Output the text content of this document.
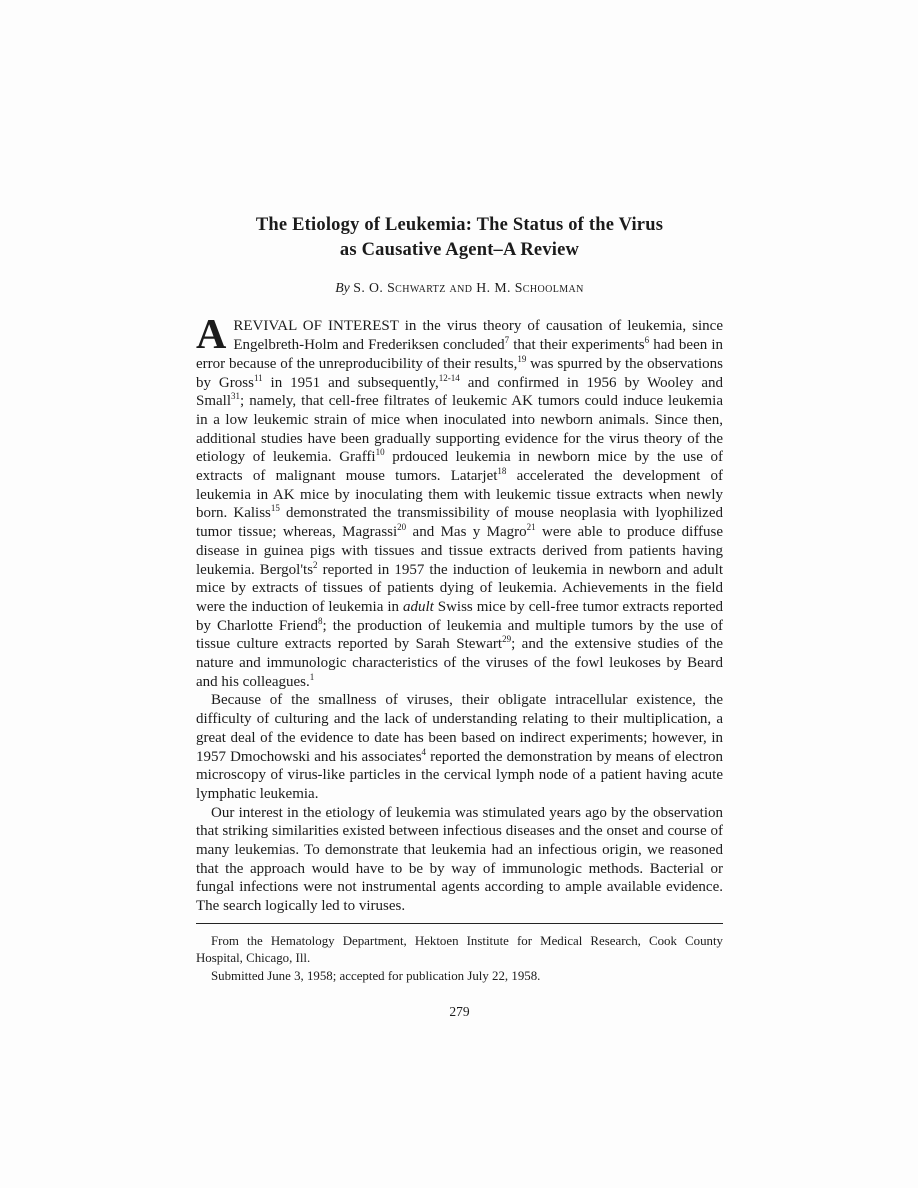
The Etiology of Leukemia: The Status of the Virus
as Causative Agent–A Review
By S. O. Schwartz and H. M. Schoolman

AREVIVAL OF INTEREST in the virus theory of causation of leukemia, since Engelbreth-Holm and Frederiksen concluded$^7$ that their experiments$^6$ had been in error because of the unreproducibility of their results,$^{19}$ was spurred by the observations by Gross$^{11}$ in 1951 and subsequently,$^{12-14}$ and confirmed in 1956 by Wooley and Small$^{31}$; namely, that cell-free filtrates of leukemic AK tumors could induce leukemia in a low leukemic strain of mice when inoculated into newborn animals. Since then, additional studies have been gradually supporting evidence for the virus theory of the etiology of leukemia. Graffi$^{10}$ prdouced leukemia in newborn mice by the use of extracts of malignant mouse tumors. Latarjet$^{18}$ accelerated the development of leukemia in AK mice by inoculating them with leukemic tissue extracts when newly born. Kaliss$^{15}$ demonstrated the transmissibility of mouse neoplasia with lyophilized tumor tissue; whereas, Magrassi$^{20}$ and Mas y Magro$^{21}$ were able to produce diffuse disease in guinea pigs with tissues and tissue extracts derived from patients having leukemia. $Bergol'ts^2$ reported in 1957 the induction of leukemia in newborn and adult mice by extracts of tissues of patients dying of leukemia. Achievements in the field were the induction of leukemia in adult Swiss mice by cell-free tumor extracts reported by Charlotte Friend$^8$; the production of leukemia and multiple tumors by the use of tissue culture extracts reported by Sarah Stewart$^{29}$; and the extensive studies of the nature and immunologic characteristics of the viruses of the fowl leukoses by Beard and his colleagues.$^1$

Because of the smallness of viruses, their obligate intracellular existence, the difficulty of culturing and the lack of understanding relating to their multiplication, a great deal of the evidence to date has been based on indirect experiments; however, in 1957 Dmochowski and his associates$^4$ reported the demonstration by means of electron microscopy of virus-like particles in the cervical lymph node of a patient having acute lymphatic leukemia.

Our interest in the etiology of leukemia was stimulated years ago by the observation that striking similarities existed between infectious diseases and the onset and course of many leukemias. To demonstrate that leukemia had an infectious origin, we reasoned that the approach would have to be by way of immunologic methods. Bacterial or fungal infections were not instrumental agents according to ample available evidence. The search logically led to viruses.

From the Hematology Department, Hektoen Institute for Medical Research, Cook County Hospital, Chicago, Ill.

Submitted June 3, 1958; accepted for publication July 22, 1958.

279
